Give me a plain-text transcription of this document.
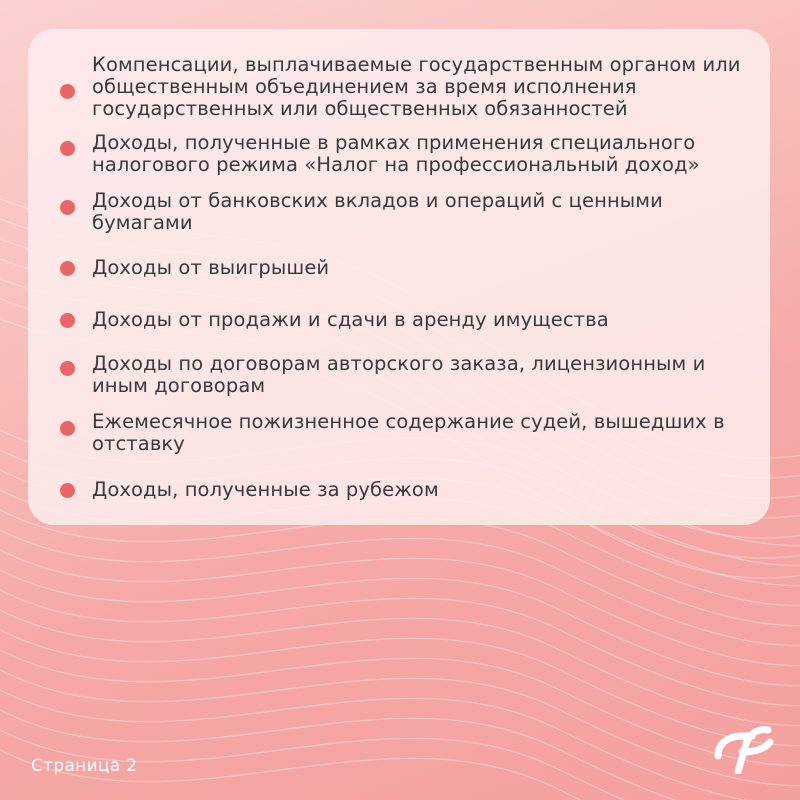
Компенсации, выплачиваемые государственным органом или общественным объединением за время исполнения государственных или общественных обязанностей
Доходы, полученные в рамках применения специального налогового режима «Налог на профессиональный доход»
Доходы от банковских вкладов и операций с ценными бумагами
Доходы от выигрышей
Доходы от продажи и сдачи в аренду имущества
Доходы по договорам авторского заказа, лицензионным и иным договорам
Ежемесячное пожизненное содержание судей, вышедших в отставку
Доходы, полученные за рубежом
Страница 2
